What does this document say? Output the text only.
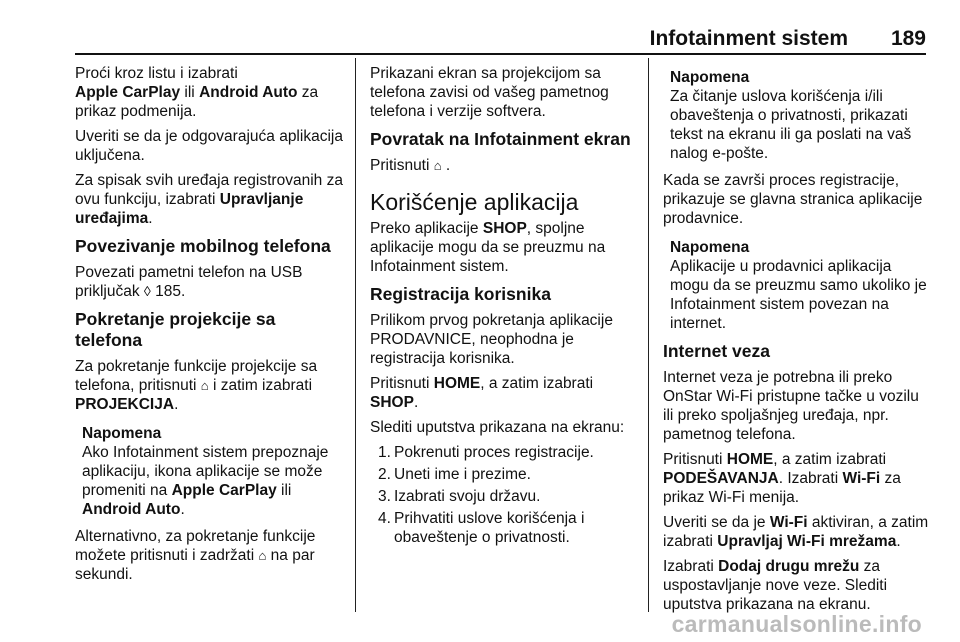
Infotainment sistem 189

Proći kroz listu i izabrati
Apple CarPlay ili Android Auto za prikaz podmenija.

Uveriti se da je odgovarajuća aplikacija uključena.

Za spisak svih uređaja registrovanih za ovu funkciju, izabrati Upravljanje uređajima.

Povezivanje mobilnog telefona

Povezati pametni telefon na USB priključak ◊ 185.

Pokretanje projekcije sa telefona

Za pokretanje funkcije projekcije sa telefona, pritisnuti ⌂ i zatim izabrati PROJEKCIJA.

Napomena
Ako Infotainment sistem prepoznaje aplikaciju, ikona aplikacije se može promeniti na Apple CarPlay ili
Android Auto.

Alternativno, za pokretanje funkcije možete pritisnuti i zadržati ⌂ na par sekundi.

Prikazani ekran sa projekcijom sa telefona zavisi od vašeg pametnog telefona i verzije softvera.

Povratak na Infotainment ekran

Pritisnuti ⌂ .

Korišćenje aplikacija

Preko aplikacije SHOP, spoljne aplikacije mogu da se preuzmu na Infotainment sistem.

Registracija korisnika

Prilikom prvog pokretanja aplikacije PRODAVNICE, neophodna je registracija korisnika.

Pritisnuti HOME, a zatim izabrati
SHOP.

Slediti uputstva prikazana na ekranu:

1. Pokrenuti proces registracije.
2. Uneti ime i prezime.
3. Izabrati svoju državu.
4. Prihvatiti uslove korišćenja i obaveštenje o privatnosti.
Napomena
Za čitanje uslova korišćenja i/ili obaveštenja o privatnosti, prikazati tekst na ekranu ili ga poslati na vaš nalog e-pošte.

Kada se završi proces registracije, prikazuje se glavna stranica aplikacije prodavnice.

Napomena
Aplikacije u prodavnici aplikacija mogu da se preuzmu samo ukoliko je Infotainment sistem povezan na internet.
Internet veza

Internet veza je potrebna ili preko OnStar Wi-Fi pristupne tačke u vozilu ili preko spoljašnjeg uređaja, npr. pametnog telefona.

Pritisnuti HOME, a zatim izabrati
PODEŠAVANJA. Izabrati Wi-Fi za prikaz Wi-Fi menija.

Uveriti se da je Wi-Fi aktiviran, a zatim izabrati Upravljaj Wi-Fi mrežama.

Izabrati Dodaj drugu mrežu za uspostavljanje nove veze. Slediti uputstva prikazana na ekranu.

carmanualsonline.info
